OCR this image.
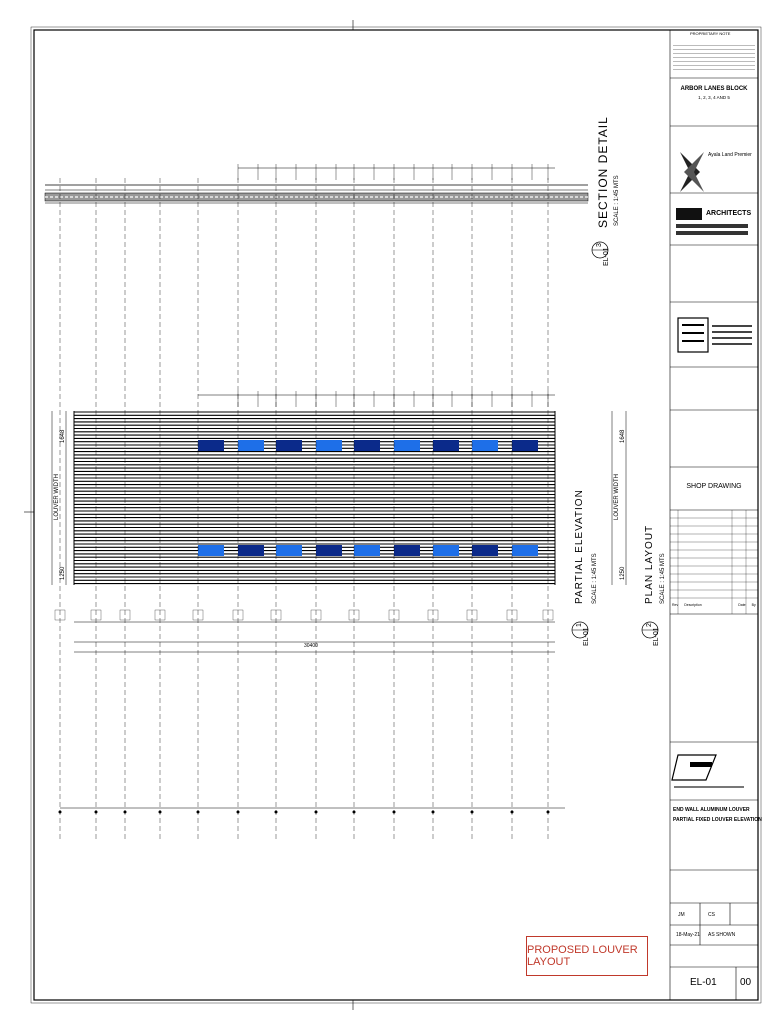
SECTION DETAIL SCALE : 1:45 MTS
3
EL-01
PARTIAL ELEVATION SCALE : 1:45 MTS
1
EL-01
PLAN LAYOUT SCALE : 1:45 MTS
2
EL-01
LOUVER WIDTH	LOUVER WIDTH
1648	1648
1250	1250
30400
PROPRIETARY NOTE
ARBOR LANES BLOCK
1, 2, 3, 4 AND 5
Ayala Land Premier
ARCHITECTS
SHOP DRAWING
Rev Description	Date By
END WALL ALUMINUM LOUVER
PARTIAL FIXED LOUVER ELEVATION
JM	CS
18-May-21 AS SHOWN
EL-01 00
PROPOSED LOUVER LAYOUT
